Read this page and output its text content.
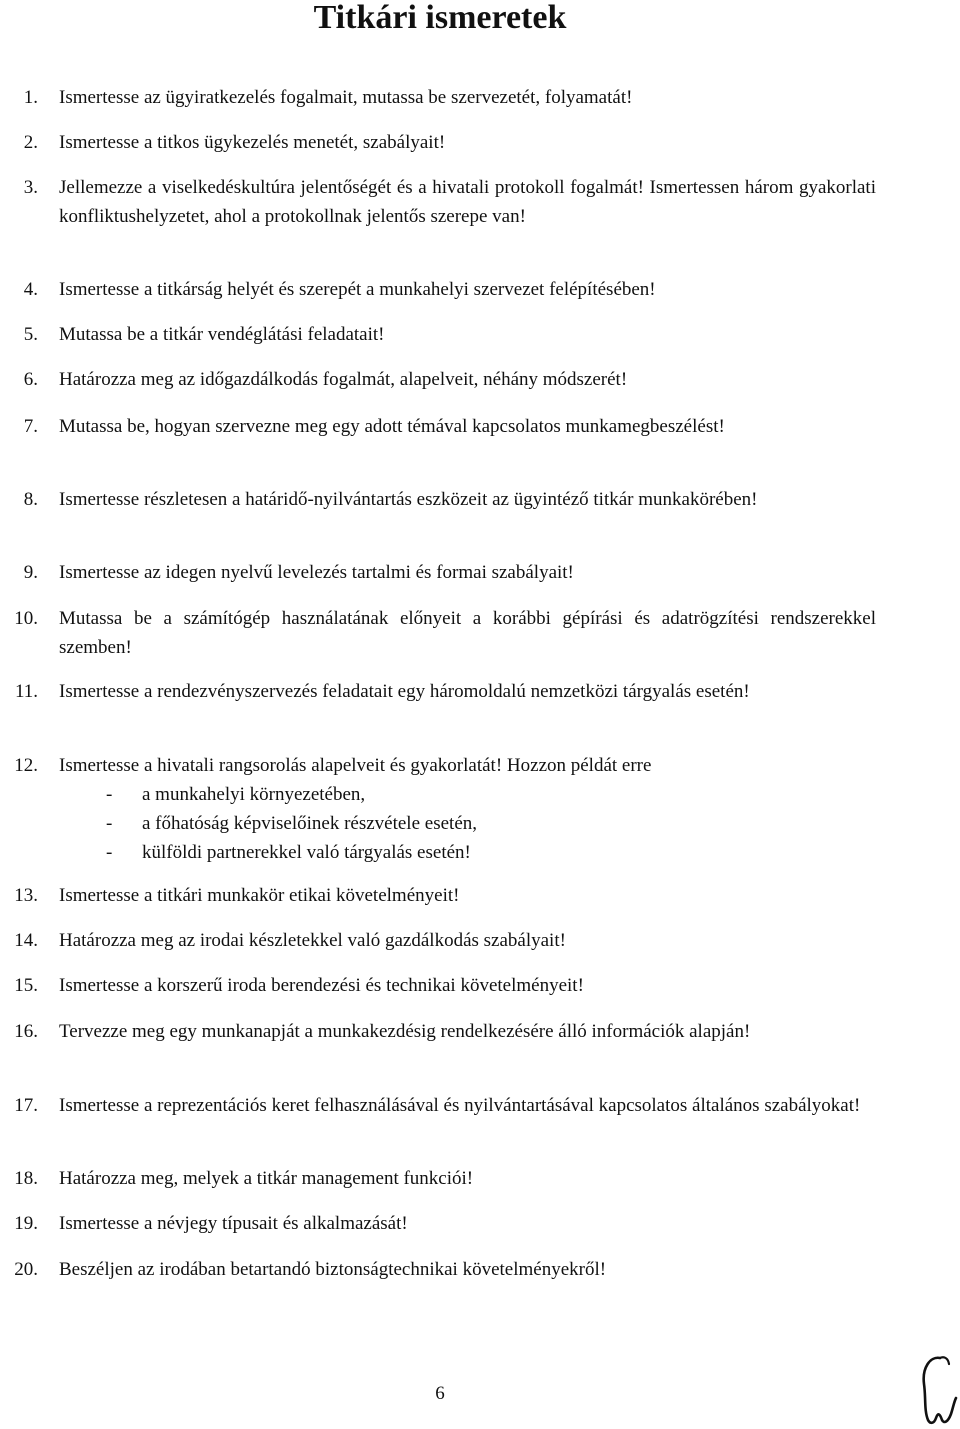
Titkári ismeretek
1. Ismertesse az ügyiratkezelés fogalmait, mutassa be szervezetét, folyamatát!
2. Ismertesse a titkos ügykezelés menetét, szabályait!
3. Jellemezze a viselkedéskultúra jelentőségét és a hivatali protokoll fogalmát! Ismertessen három gyakorlati konfliktushelyzetet, ahol a protokollnak jelentős szerepe van!
4. Ismertesse a titkárság helyét és szerepét a munkahelyi szervezet felépítésében!
5. Mutassa be a titkár vendéglátási feladatait!
6. Határozza meg az időgazdálkodás fogalmát, alapelveit, néhány módszerét!
7. Mutassa be, hogyan szervezne meg egy adott témával kapcsolatos munkamegbeszélést!
8. Ismertesse részletesen a határidő-nyilvántartás eszközeit az ügyintéző titkár munkakörében!
9. Ismertesse az idegen nyelvű levelezés tartalmi és formai szabályait!
10. Mutassa be a számítógép használatának előnyeit a korábbi gépírási és adatrögzítési rendszerekkel szemben!
11. Ismertesse a rendezvényszervezés feladatait egy háromoldalú nemzetközi tárgyalás esetén!
12. Ismertesse a hivatali rangsorolás alapelveit és gyakorlatát! Hozzon példát erre
-	a munkahelyi környezetében,
-	a főhatóság képviselőinek részvétele esetén,
-	külföldi partnerekkel való tárgyalás esetén!
13. Ismertesse a titkári munkakör etikai követelményeit!
14. Határozza meg az irodai készletekkel való gazdálkodás szabályait!
15. Ismertesse a korszerű iroda berendezési és technikai követelményeit!
16. Tervezze meg egy munkanapját a munkakezdésig rendelkezésére álló információk alapján!
17. Ismertesse a reprezentációs keret felhasználásával és nyilvántartásával kapcsolatos általános szabályokat!
18. Határozza meg, melyek a titkár management funkciói!
19. Ismertesse a névjegy típusait és alkalmazását!
20. Beszéljen az irodában betartandó biztonságtechnikai követelményekről!
6
